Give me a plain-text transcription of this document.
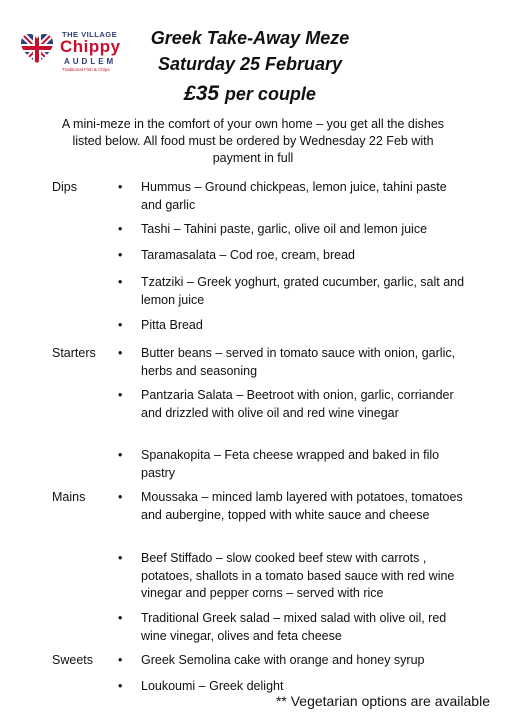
THE VILLAGE
Chippy
AUDLEM
Traditional Fish & Chips
Greek Take-Away Meze
Saturday 25 February
£35 per couple
A mini-meze in the comfort of your own home – you get all the dishes
listed below. All food must be ordered by Wednesday 22 Feb with
payment in full
Dips	• Hummus – Ground chickpeas, lemon juice, tahini paste and garlic
• Tashi – Tahini paste, garlic, olive oil and lemon juice
• Taramasalata – Cod roe, cream, bread
• Tzatziki – Greek yoghurt, grated cucumber, garlic, salt and lemon juice
• Pitta Bread
Starters • Butter beans – served in tomato sauce with onion, garlic, herbs and seasoning
• Pantzaria Salata – Beetroot with onion, garlic, corriander and drizzled with olive oil and red wine vinegar
• Spanakopita – Feta cheese wrapped and baked in filo pastry
Mains	• Moussaka – minced lamb layered with potatoes, tomatoes and aubergine, topped with white sauce and cheese
• Beef Stiffado – slow cooked beef stew with carrots , potatoes, shallots in a tomato based sauce with red wine vinegar and pepper corns – served with rice
• Traditional Greek salad – mixed salad with olive oil, red wine vinegar, olives and feta cheese
Sweets • Greek Semolina cake with orange and honey syrup
• Loukoumi – Greek delight
** Vegetarian options are available
